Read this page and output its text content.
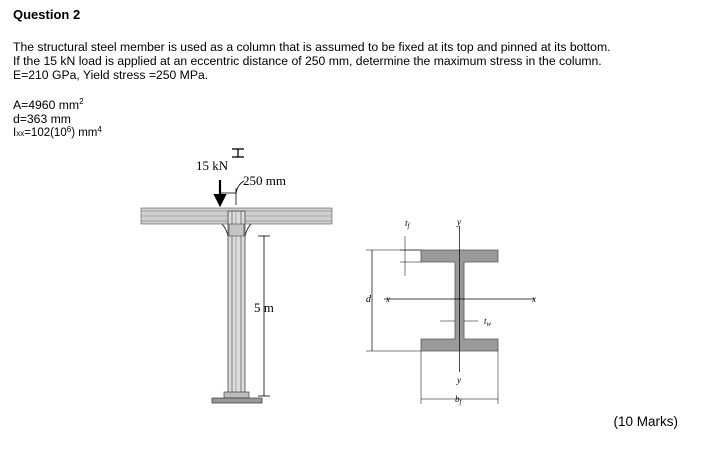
Question 2
The structural steel member is used as a column that is assumed to be fixed at its top and pinned at its bottom.
If the 15 kN load is applied at an eccentric distance of 250 mm, determine the maximum stress in the column.
E=210 GPa, Yield stress =250 MPa.
A=4960 $mm^2$
d=363 mm
$Ixx=102(10^6)$ $mm^4$
(10 Marks)
15 kN
250 mm
5 m
$t_f$	y
d x	x
$t_w$
y
$b_f$
